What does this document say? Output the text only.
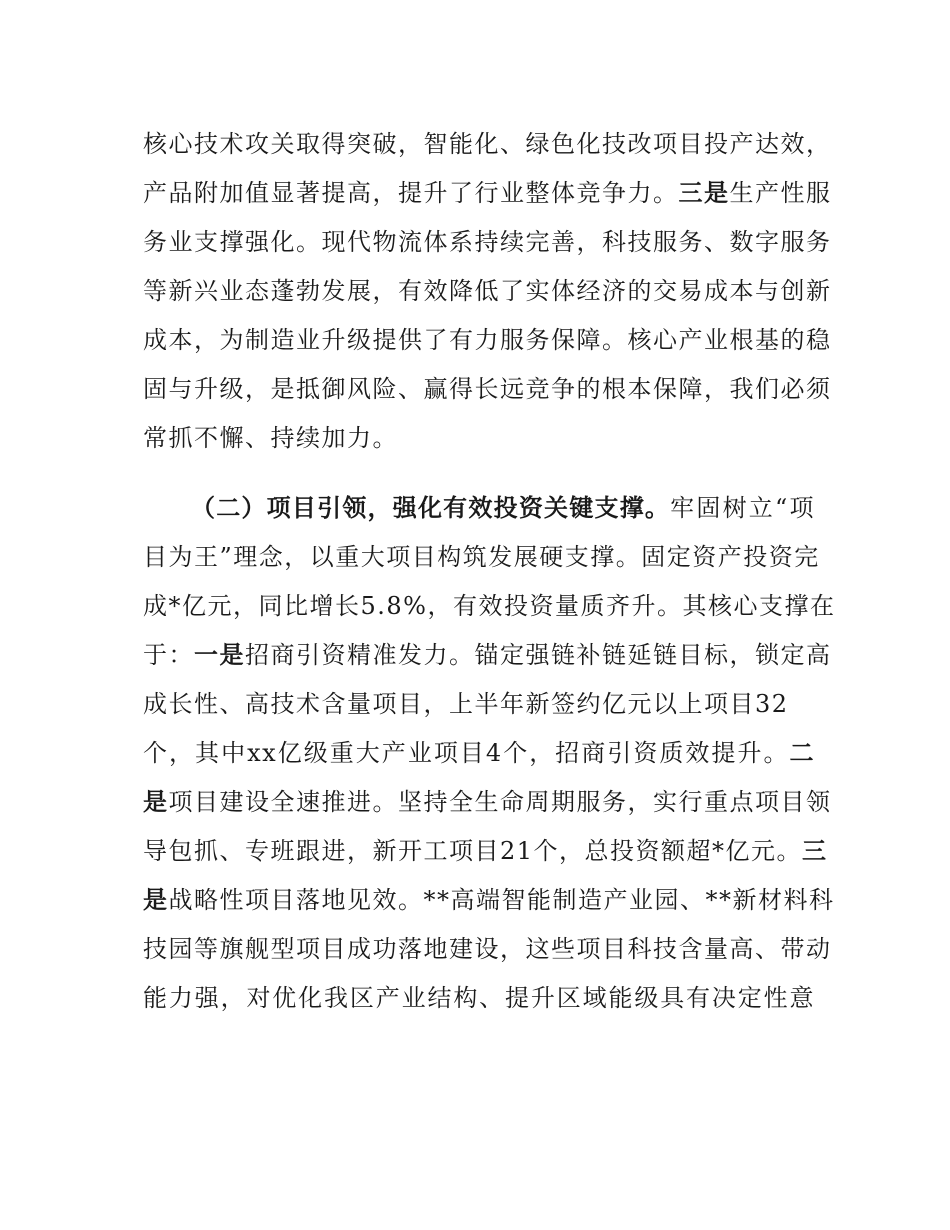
核心技术攻关取得突破，智能化、绿色化技改项目投产达效，
产品附加值显著提高，提升了行业整体竞争力。三是生产性服
务业支撑强化。现代物流体系持续完善，科技服务、数字服务
等新兴业态蓬勃发展，有效降低了实体经济的交易成本与创新
成本，为制造业升级提供了有力服务保障。核心产业根基的稳
固与升级，是抵御风险、赢得长远竞争的根本保障，我们必须
常抓不懈、持续加力。
（二）项目引领，强化有效投资关键支撑。牢固树立“项
目为王”理念，以重大项目构筑发展硬支撑。固定资产投资完
成*亿元，同比增长5.8%，有效投资量质齐升。其核心支撑在
于：一是招商引资精准发力。锚定强链补链延链目标，锁定高
成长性、高技术含量项目，上半年新签约亿元以上项目32
个，其中xx亿级重大产业项目4个，招商引资质效提升。二
是项目建设全速推进。坚持全生命周期服务，实行重点项目领
导包抓、专班跟进，新开工项目21个，总投资额超*亿元。三
是战略性项目落地见效。**高端智能制造产业园、**新材料科
技园等旗舰型项目成功落地建设，这些项目科技含量高、带动
能力强，对优化我区产业结构、提升区域能级具有决定性意
